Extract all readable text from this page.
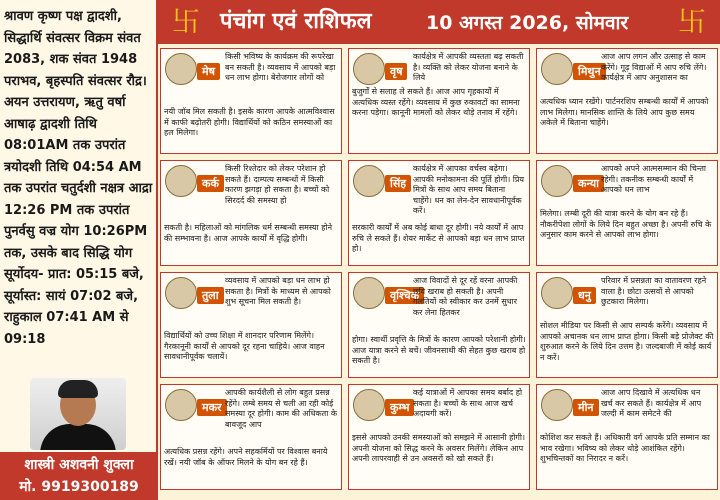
श्रावण कृष्ण पक्ष द्वादशी, सिद्धार्थि संवत्सर विक्रम संवत 2083, शक संवत 1948 पराभव, बृहस्पति संवत्सर रौद्र। अयन उत्तरायण, ऋतु वर्षा आषाढ़ द्वादशी तिथि 08:01AM तक उपरांत त्रयोदशी तिथि 04:54 AM तक उपरांत चतुर्दशी नक्षत्र आद्रा 12:26 PM तक उपरांत पुनर्वसु वज्र योग 10:26PM तक, उसके बाद सिद्धि योग सूर्योदय- प्रात: 05:15 बजे, सूर्यास्त: सायं 07:02 बजे, राहुकाल 07:41 AM से 09:18
शास्त्री अशवनी शुक्ला
मो. 9919300189
卐 पंचांग एवं राशिफल	10 अगस्त 2026, सोमवार 卐
मेष
किसी भविष्य के कार्यक्रम की रूपरेखा बन सकती है। व्यवसाय में आपको बड़ा धन लाभ होगा। बेरोजगार लोगों को
नयी जॉब मिल सकती है। इसके कारण आपके आत्मविश्वास में काफी बढ़ोतरी होगी। विद्यार्थियों को कठिन समस्याओं का हल मिलेगा।
वृष
कार्यक्षेत्र में आपकी व्यस्तता बढ़ सकती है। व्यक्ति को लेकर योजना बनाने के लिये
बुजुर्गों से सलाह ले सकते हैं। आज आप गृहकार्यों में अत्यधिक व्यस्त रहेंगे। व्यवसाय में कुछ रुकावटों का सामना करना पड़ेगा। कानूनी मामलों को लेकर थोड़े तनाव में रहेंगे।
मिथुन
आज आप लगन और उत्साह से काम करेंगे। गूढ़ विद्याओं में आप रुचि लेंगे। कार्यक्षेत्र में आप अनुशासन का
अत्यधिक ध्यान रखेंगे। पार्टनरशिप सम्बन्धी कार्यों में आपको लाभ मिलेगा। मानसिक शान्ति के लिये आप कुछ समय अकेले में बिताना चाहेंगे।
कर्क
किसी रिश्तेदार को लेकर परेशान हो सकते हैं। दाम्पत्य सम्बन्धों में किसी कारण झगड़ा हो सकता है। बच्चों को सिरदर्द की समस्या हो
सकती है। महिलाओं को मांगलिक धर्म सम्बन्धी समस्या होने की सम्भावना है। आज आपके कार्यों में वृद्धि होगी।
सिंह
कार्यक्षेत्र में आपका वर्चस्व बढ़ेगा। आपकी मनोकामना की पूर्ति होगी। प्रिय मित्रों के साथ आप समय बिताना चाहेंगे। धन का लेन-देन सावधानीपूर्वक करें।
सरकारी कार्यों में अब कोई बाधा दूर होगी। नये कार्यों में आप रुचि ले सकते हैं। शेयर मार्केट से आपको बड़ा धन लाभ प्राप्त हो।
कन्या
आपको अपने आत्मसम्मान की चिन्ता रहेगी। तकनीक सम्बन्धी कार्यों में आपको धन लाभ
मिलेगा। लम्बी दूरी की यात्रा करने के योग बन रहे हैं। नौकरीपेशा लोगों के लिये दिन बहुत अच्छा है। अपनी रुचि के अनुसार काम करने से आपको लाभ होगा।
तुला
व्यवसाय में आपको बड़ा धन लाभ हो सकता है। मित्रों के माध्यम से आपको शुभ सूचना मिल सकती है।
विद्यार्थियों को उच्च शिक्षा में शानदार परिणाम मिलेंगे। गैरकानूनी कार्यों से आपको दूर रहना चाहिये। आज वाहन सावधानीपूर्वक चलायें।
वृश्चिक
आज विवादों से दूर रहें वरना आपकी छवि खराब हो सकती है। अपनी गलतियों को स्वीकार कर उनमें सुधार कर लेना हितकर
होगा। स्वार्थी प्रवृत्ति के मित्रों के कारण आपको परेशानी होगी। आज यात्रा करने से बचें। जीवनसाथी की सेहत कुछ खराब हो सकती है।
धनु
परिवार में प्रसन्नता का वातावरण रहने वाला है। छोटा उत्सवों से आपको छुटकारा मिलेगा।
सोशल मीडिया पर किसी से आप सम्पर्क करेंगे। व्यवसाय में आपको अचानक धन लाभ प्राप्त होगा। किसी बड़े प्रोजेक्ट की शुरुआत करने के लिये दिन उत्तम है। जल्दबाजी में कोई कार्य न करें।
मकर
आपकी कार्यशैली से लोग बहुत प्रसन्न रहेंगे। लम्बे समय से चली आ रही कोई समस्या दूर होगी। काम की अधिकता के बावजूद आप
अत्यधिक प्रसन्न रहेंगे। अपने सहकर्मियों पर विश्वास बनाये रखें। नयी जॉब के ऑफर मिलने के योग बन रहे हैं।
कुम्भ
कई यात्राओं में आपका समय बर्बाद हो सकता है। बच्चों के साथ आज खर्च अदायगी करें।
इससे आपको उनकी समस्याओं को समझने में आसानी होगी। अपनी योजना को सिद्ध करने के अवसर मिलेंगे। लेकिन आप अपनी लापरवाही से उन अवसरों को खो सकते हैं।
मीन
आज आप दिखावे में अत्यधिक धन खर्च कर सकते हैं। कार्यक्षेत्र में आप जल्दी में काम समेटने की
कोशिश कर सकते हैं। अधिकारी वर्ग आपके प्रति सम्मान का भाव रखेगा। भविष्य को लेकर थोड़े आशंकित रहेंगे। शुभचिन्तकों का निरादर न करें।
